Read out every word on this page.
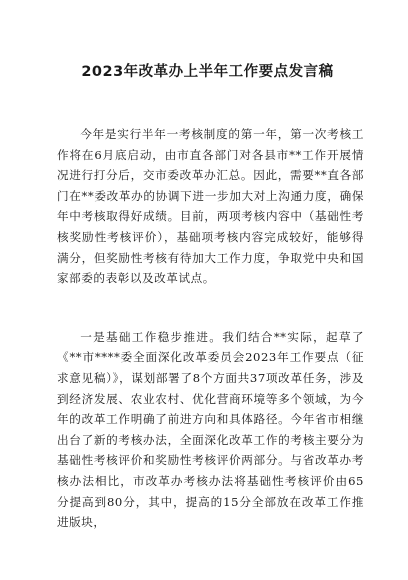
2023年改革办上半年工作要点发言稿

今年是实行半年一考核制度的第一年，第一次考核工作将在6月底启动，由市直各部门对各县市**工作开展情况进行打分后，交市委改革办汇总。因此，需要**直各部门在**委改革办的协调下进一步加大对上沟通力度，确保年中考核取得好成绩。目前，两项考核内容中（基础性考核奖励性考核评价），基础项考核内容完成较好，能够得满分，但奖励性考核有待加大工作力度，争取党中央和国家部委的表彰以及改革试点。

一是基础工作稳步推进。我们结合**实际，起草了《**市****委全面深化改革委员会2023年工作要点（征求意见稿）》，谋划部署了8个方面共37项改革任务，涉及到经济发展、农业农村、优化营商环境等多个领域，为今年的改革工作明确了前进方向和具体路径。今年省市相继出台了新的考核办法，全面深化改革工作的考核主要分为基础性考核评价和奖励性考核评价两部分。与省改革办考核办法相比，市改革办考核办法将基础性考核评价由65分提高到80分，其中，提高的15分全部放在改革工作推进版块，
